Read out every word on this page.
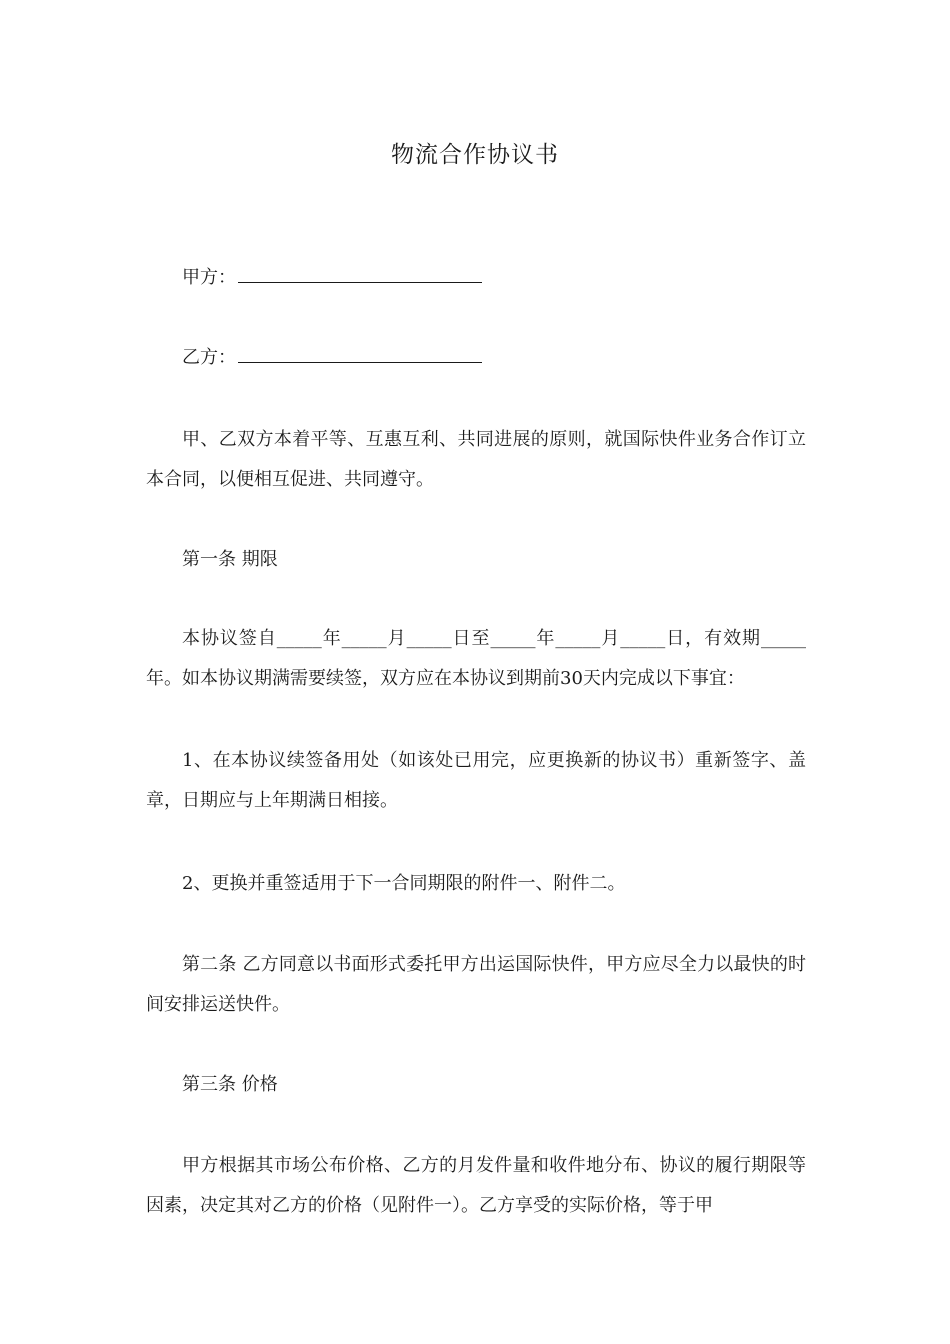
物流合作协议书
甲方：
乙方：
甲、乙双方本着平等、互惠互利、共同进展的原则，就国际快件业务合作订立本合同，以便相互促进、共同遵守。
第一条 期限
本协议签自_____年_____月_____日至_____年_____月_____日，有效期_____年。如本协议期满需要续签，双方应在本协议到期前30天内完成以下事宜：
1、在本协议续签备用处（如该处已用完，应更换新的协议书）重新签字、盖章，日期应与上年期满日相接。
2、更换并重签适用于下一合同期限的附件一、附件二。
第二条 乙方同意以书面形式委托甲方出运国际快件，甲方应尽全力以最快的时间安排运送快件。
第三条 价格
甲方根据其市场公布价格、乙方的月发件量和收件地分布、协议的履行期限等因素，决定其对乙方的价格（见附件一）。乙方享受的实际价格，等于甲
